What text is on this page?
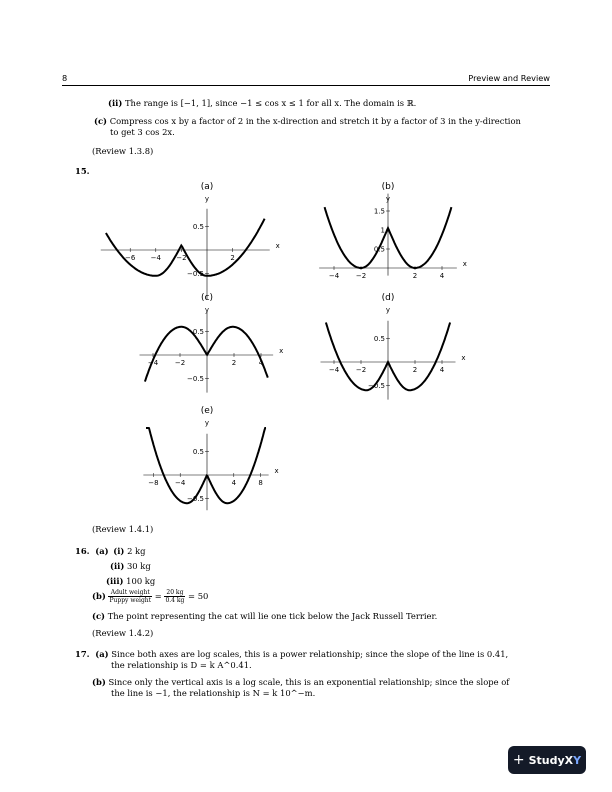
8	Preview and Review
(ii) The range is [−1, 1], since −1 ≤ cos x ≤ 1 for all x. The domain is ℝ.
(c) Compress cos x by a factor of 2 in the x-direction and stretch it by a factor of 3 in the y-direction
to get 3 cos 2x.
(Review 1.3.8)
15.
(a)
y
x
−6 −4 −2	2
0.5
−0.5
(b)
y
x
−4 −2	2	4
1.5
1
0.5
(c)
y
x
−4 −2	2	4
0.5
−0.5
(d)
y
x
−4 −2	2	4
0.5
−0.5
(e)
y
x
−8 −4	4	8
0.5
−0.5
(Review 1.4.1)
16. (a) (i) 2 kg
(ii) 30 kg
(iii) 100 kg
$(b) \frac{\text{Adult weight}}{\text{Puppy weight}} = \frac{20 kg}{0.4 kg} = 50$
(c) The point representing the cat will lie one tick below the Jack Russell Terrier.
(Review 1.4.2)
17. (a) Since both axes are log scales, this is a power relationship; since the slope of the line is 0.41,
the relationship is D = k A^0.41.
(b) Since only the vertical axis is a log scale, this is an exponential relationship; since the slope of
the line is −1, the relationship is N = k 10^−m.
+ StudyX Y
